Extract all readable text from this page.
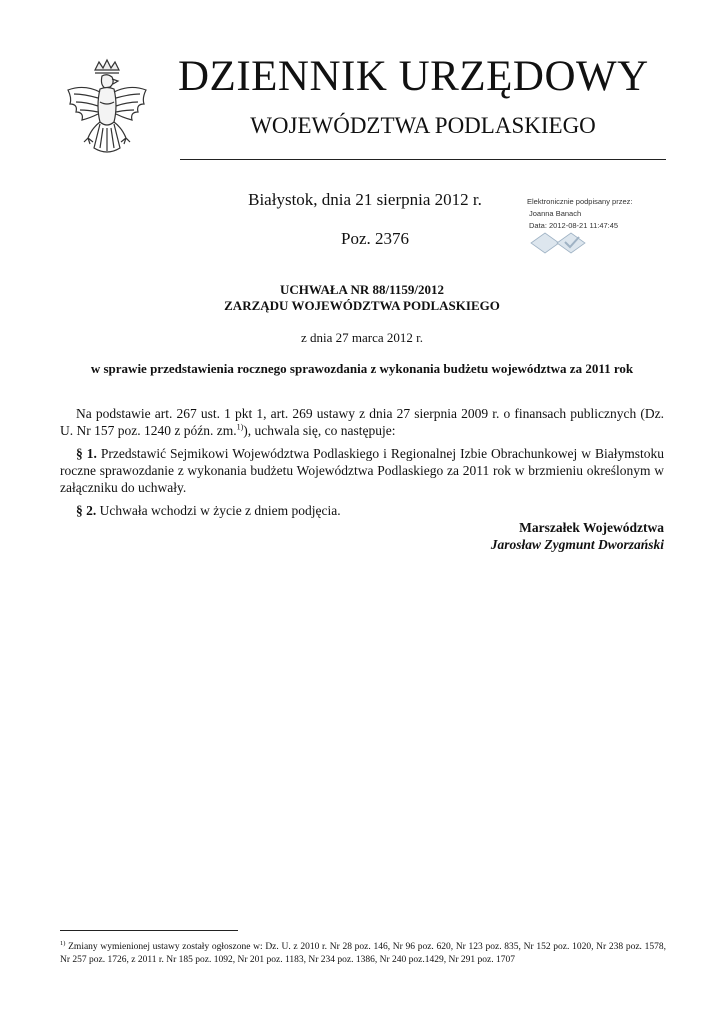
DZIENNIK URZĘDOWY
WOJEWÓDZTWA PODLASKIEGO
Białystok, dnia 21 sierpnia 2012 r.
Poz. 2376
Elektronicznie podpisany przez:
Joanna Banach
Data: 2012-08-21 11:47:45
UCHWAŁA NR 88/1159/2012
ZARZĄDU WOJEWÓDZTWA PODLASKIEGO
z dnia 27 marca 2012 r.
w sprawie przedstawienia rocznego sprawozdania z wykonania budżetu województwa za 2011 rok

Na podstawie art. 267 ust. 1 pkt 1, art. 269 ustawy z dnia 27 sierpnia 2009 r. o finansach publicznych (Dz. U. Nr 157 poz. 1240 z późn. zm.$^{1)}$), uchwala się, co następuje:

§ 1. Przedstawić Sejmikowi Województwa Podlaskiego i Regionalnej Izbie Obrachunkowej w Białymstoku roczne sprawozdanie z wykonania budżetu Województwa Podlaskiego za 2011 rok w brzmieniu określonym w załączniku do uchwały.

§ 2. Uchwała wchodzi w życie z dniem podjęcia.

Marszałek Województwa
Jarosław Zygmunt Dworzański
$^{1)}$ Zmiany wymienionej ustawy zostały ogłoszone w: Dz. U. z 2010 r. Nr 28 poz. 146, Nr 96 poz. 620, Nr 123 poz. 835, Nr 152 poz. 1020, Nr 238 poz. 1578, Nr 257 poz. 1726, z 2011 r. Nr 185 poz. 1092, Nr 201 poz. 1183, Nr 234 poz. 1386, Nr 240 poz.1429, Nr 291 poz. 1707
